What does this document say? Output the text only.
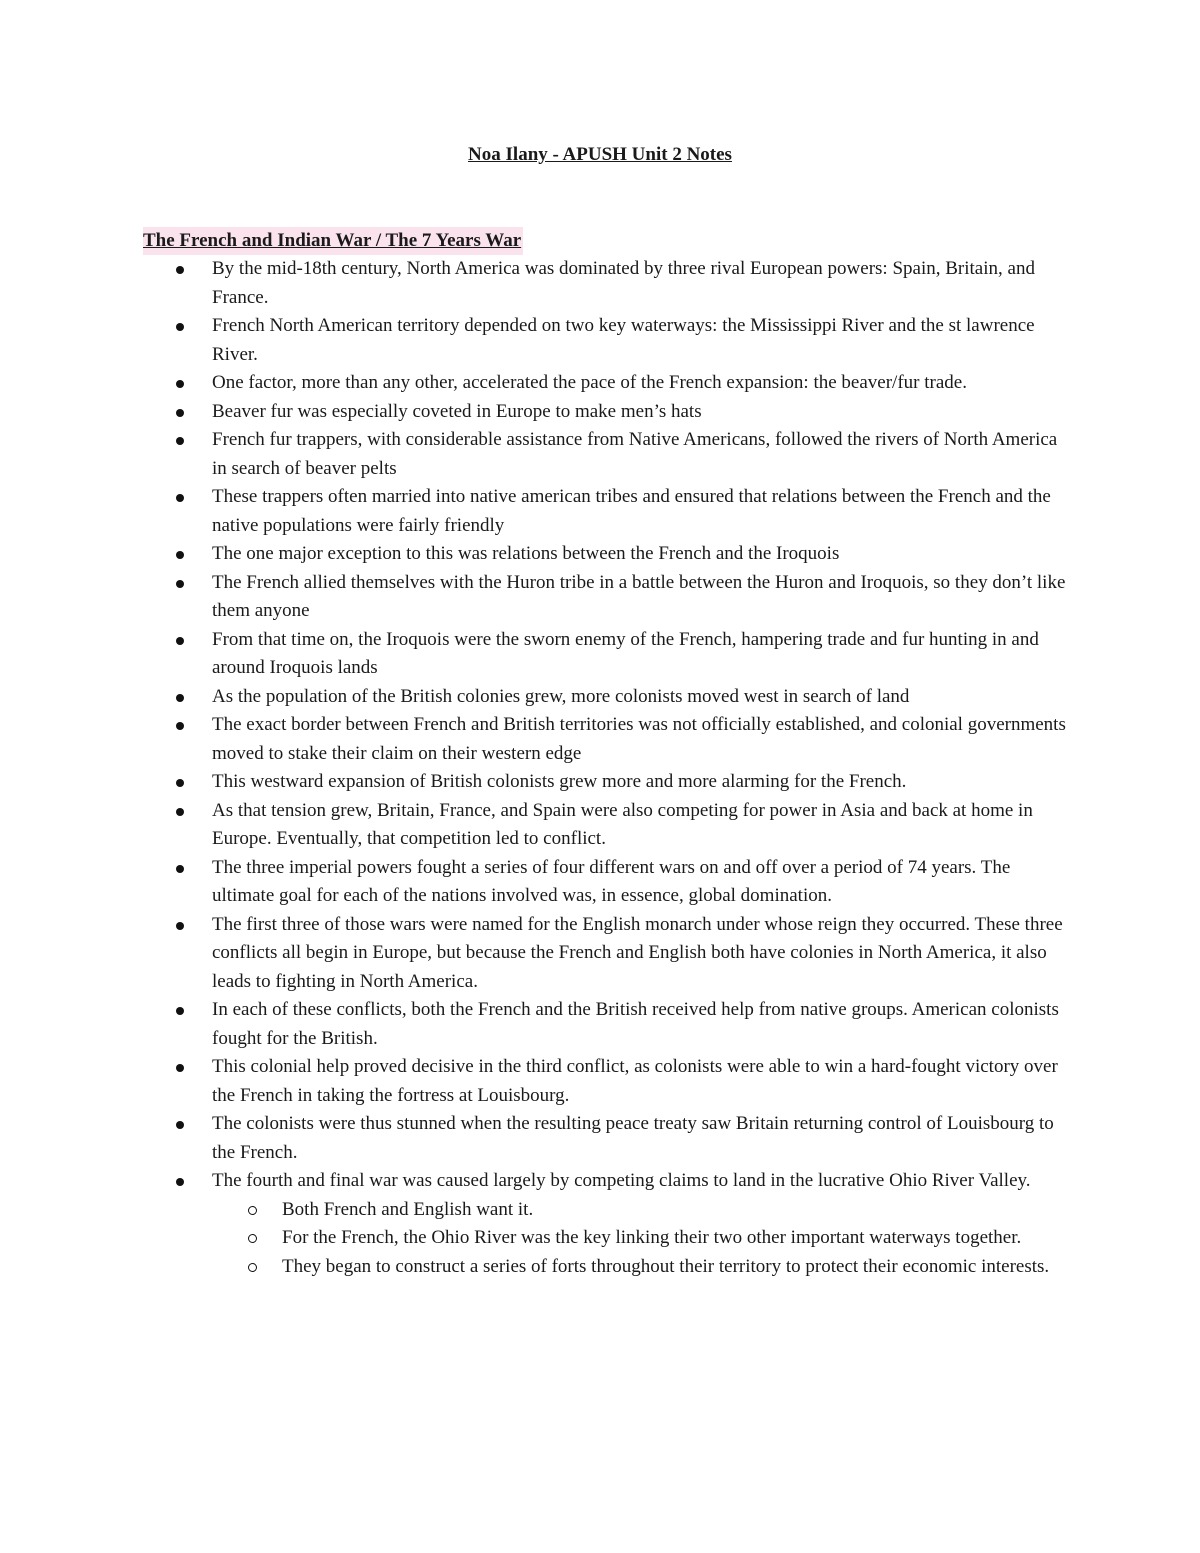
Noa Ilany - APUSH Unit 2 Notes
The French and Indian War / The 7 Years War
By the mid-18th century, North America was dominated by three rival European powers: Spain, Britain, and France.
French North American territory depended on two key waterways: the Mississippi River and the st lawrence River.
One factor, more than any other, accelerated the pace of the French expansion: the beaver/fur trade.
Beaver fur was especially coveted in Europe to make men’s hats
French fur trappers, with considerable assistance from Native Americans, followed the rivers of North America in search of beaver pelts
These trappers often married into native american tribes and ensured that relations between the French and the native populations were fairly friendly
The one major exception to this was relations between the French and the Iroquois
The French allied themselves with the Huron tribe in a battle between the Huron and Iroquois, so they don’t like them anyone
From that time on, the Iroquois were the sworn enemy of the French, hampering trade and fur hunting in and around Iroquois lands
As the population of the British colonies grew, more colonists moved west in search of land
The exact border between French and British territories was not officially established, and colonial governments moved to stake their claim on their western edge
This westward expansion of British colonists grew more and more alarming for the French.
As that tension grew, Britain, France, and Spain were also competing for power in Asia and back at home in Europe. Eventually, that competition led to conflict.
The three imperial powers fought a series of four different wars on and off over a period of 74 years. The ultimate goal for each of the nations involved was, in essence, global domination.
The first three of those wars were named for the English monarch under whose reign they occurred. These three conflicts all begin in Europe, but because the French and English both have colonies in North America, it also leads to fighting in North America.
In each of these conflicts, both the French and the British received help from native groups. American colonists fought for the British.
This colonial help proved decisive in the third conflict, as colonists were able to win a hard-fought victory over the French in taking the fortress at Louisbourg.
The colonists were thus stunned when the resulting peace treaty saw Britain returning control of Louisbourg to the French.
The fourth and final war was caused largely by competing claims to land in the lucrative Ohio River Valley.
Both French and English want it.
For the French, the Ohio River was the key linking their two other important waterways together.
They began to construct a series of forts throughout their territory to protect their economic interests.
